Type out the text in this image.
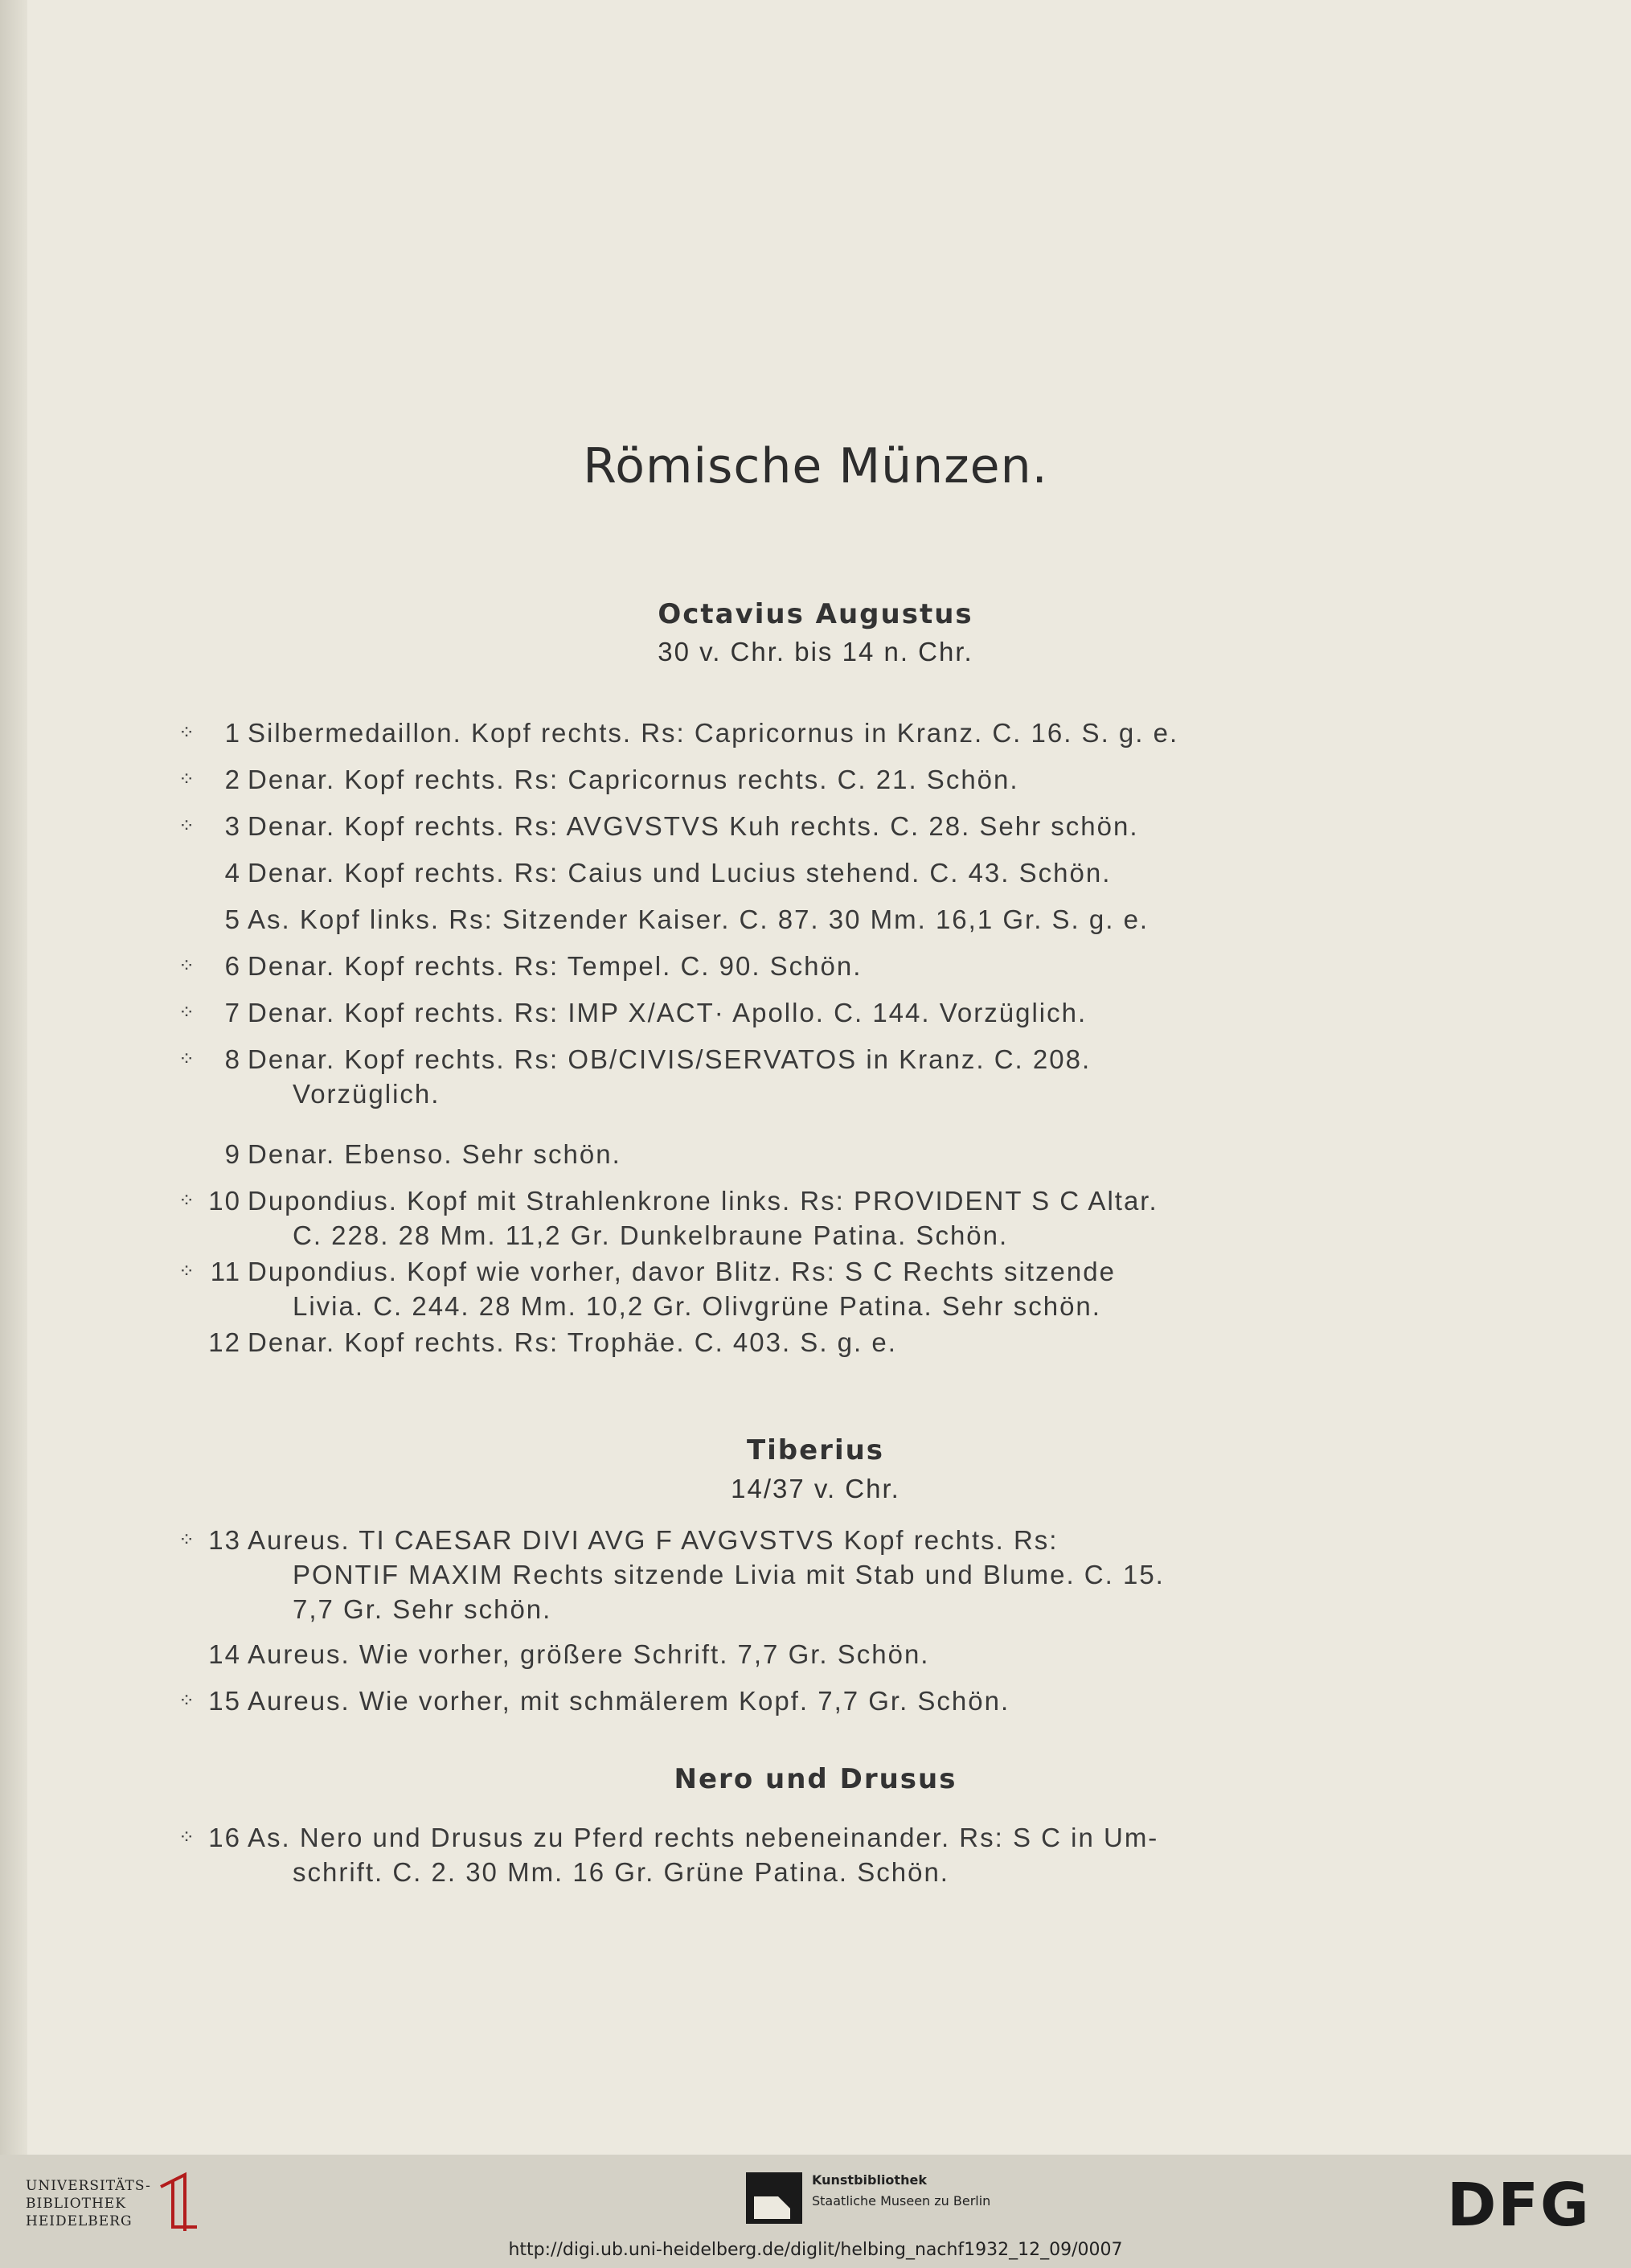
Römische Münzen.
Octavius Augustus
30 v. Chr. bis 14 n. Chr.
Tiberius
14/37 v. Chr.
Nero und Drusus
⁘	1 Silbermedaillon. Kopf rechts. Rs: Capricornus in Kranz. C. 16. S. g. e.
⁘	2 Denar. Kopf rechts. Rs: Capricornus rechts. C. 21. Schön.
⁘	3 Denar. Kopf rechts. Rs: AVGVSTVS Kuh rechts. C. 28. Sehr schön.
4 Denar. Kopf rechts. Rs: Caius und Lucius stehend. C. 43. Schön.
5 As. Kopf links. Rs: Sitzender Kaiser. C. 87. 30 Mm. 16,1 Gr. S. g. e.
⁘	6 Denar. Kopf rechts. Rs: Tempel. C. 90. Schön.
⁘	7 Denar. Kopf rechts. Rs: IMP X/ACT· Apollo. C. 144. Vorzüglich.
⁘	8 Denar. Kopf rechts. Rs: OB/CIVIS/SERVATOS in Kranz. C. 208.
Vorzüglich.
9 Denar. Ebenso. Sehr schön.
⁘ 10 Dupondius. Kopf mit Strahlenkrone links. Rs: PROVIDENT S C Altar.
C. 228. 28 Mm. 11,2 Gr. Dunkelbraune Patina. Schön.
⁘ 11 Dupondius. Kopf wie vorher, davor Blitz. Rs: S C Rechts sitzende
Livia. C. 244. 28 Mm. 10,2 Gr. Olivgrüne Patina. Sehr schön.
12 Denar. Kopf rechts. Rs: Trophäe. C. 403. S. g. e.
⁘ 13 Aureus. TI CAESAR DIVI AVG F AVGVSTVS Kopf rechts. Rs:
PONTIF MAXIM Rechts sitzende Livia mit Stab und Blume. C. 15.
7,7 Gr. Sehr schön.
14 Aureus. Wie vorher, größere Schrift. 7,7 Gr. Schön.
⁘ 15 Aureus. Wie vorher, mit schmälerem Kopf. 7,7 Gr. Schön.
⁘ 16 As. Nero und Drusus zu Pferd rechts nebeneinander. Rs: S C in Um-
schrift. C. 2. 30 Mm. 16 Gr. Grüne Patina. Schön.
UNIVERSITÄTS-
BIBLIOTHEK
HEIDELBERG
Kunstbibliothek
Staatliche Museen zu Berlin	DFG
http://digi.ub.uni-heidelberg.de/diglit/helbing_nachf1932_12_09/0007
